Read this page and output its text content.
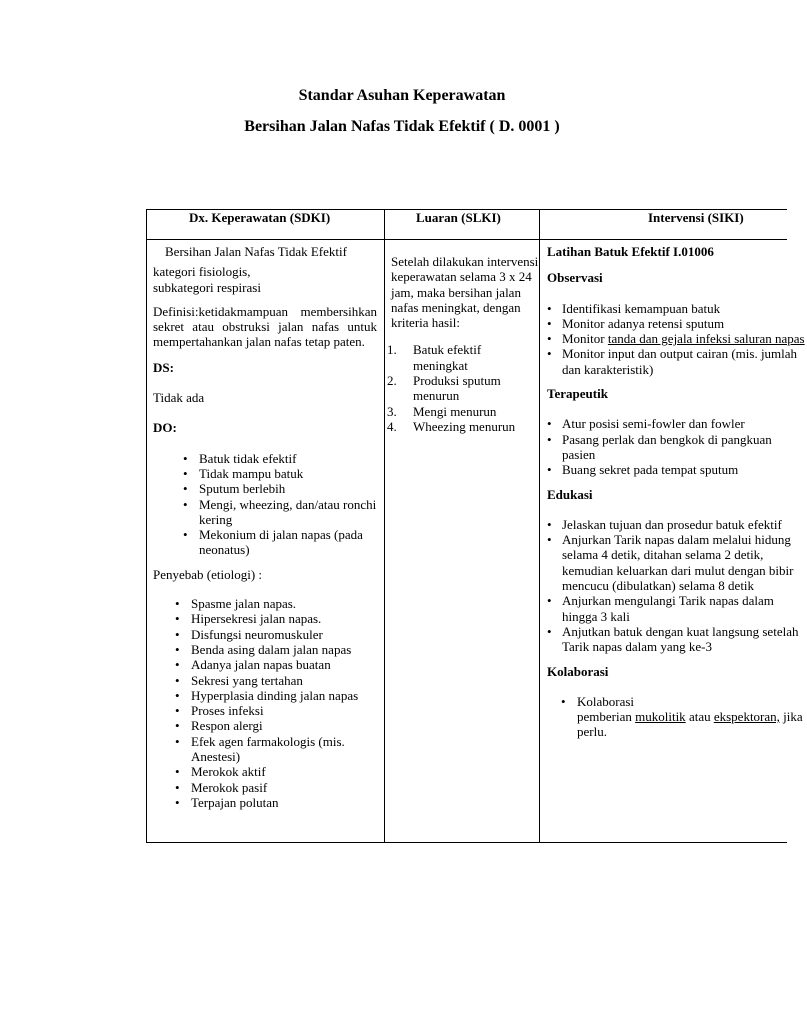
Standar Asuhan Keperawatan
Bersihan Jalan Nafas Tidak Efektif ( D. 0001 )
Dx. Keperawatan (SDKI)	Luaran (SLKI)	Intervensi (SIKI)

Bersihan Jalan Nafas Tidak Efektif

kategori fisiologis,

subkategori respirasi

Definisi:ketidakmampuan membersihkan sekret atau obstruksi jalan nafas untuk mempertahankan jalan nafas tetap paten.

DS:

Tidak ada

DO:

• Batuk tidak efektif
• Tidak mampu batuk
• Sputum berlebih
• Mengi, wheezing, dan/atau ronchi kering
• Mekonium di jalan napas (pada neonatus)

Penyebab (etiologi) :

• Spasme jalan napas.
• Hipersekresi jalan napas.
• Disfungsi neuromuskuler
• Benda asing dalam jalan napas
• Adanya jalan napas buatan
• Sekresi yang tertahan
• Hyperplasia dinding jalan napas
• Proses infeksi
• Respon alergi
• Efek agen farmakologis (mis. Anestesi)
• Merokok aktif
• Merokok pasif
• Terpajan polutan

Setelah dilakukan intervensi keperawatan selama 3 x 24 jam, maka bersihan jalan nafas meningkat, dengan kriteria hasil:

1. Batuk efektif meningkat
2. Produksi sputum menurun
3. Mengi menurun
4. Wheezing menurun

Latihan Batuk Efektif I.01006

Observasi

• Identifikasi kemampuan batuk
• Monitor adanya retensi sputum
• Monitor tanda dan gejala infeksi saluran napas
• Monitor input dan output cairan (mis. jumlah dan karakteristik)

Terapeutik

• Atur posisi semi-fowler dan fowler
• Pasang perlak dan bengkok di pangkuan pasien
• Buang sekret pada tempat sputum

Edukasi

• Jelaskan tujuan dan prosedur batuk efektif
• Anjurkan Tarik napas dalam melalui hidung selama 4 detik, ditahan selama 2 detik, kemudian keluarkan dari mulut dengan bibir mencucu (dibulatkan) selama 8 detik
• Anjurkan mengulangi Tarik napas dalam hingga 3 kali
• Anjutkan batuk dengan kuat langsung setelah Tarik napas dalam yang ke-3

Kolaborasi

• Kolaborasi
pemberian mukolitik atau ekspektoran, jika perlu.
